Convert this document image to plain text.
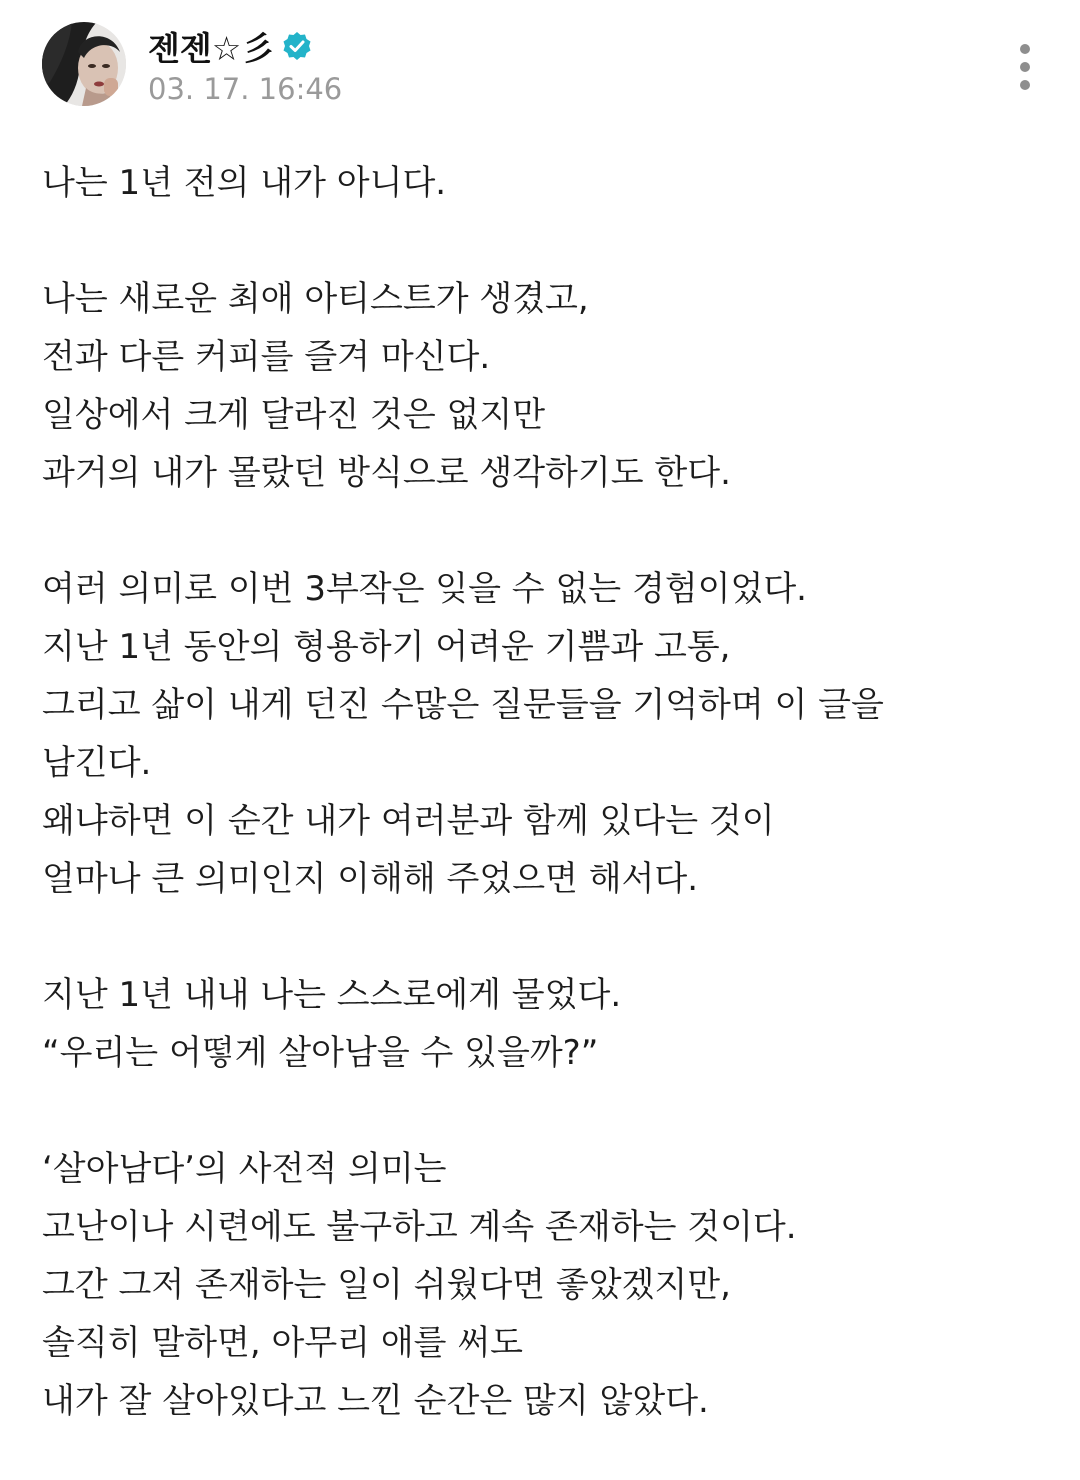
젠젠☆彡
03. 17. 16:46
나는 1년 전의 내가 아니다.
나는 새로운 최애 아티스트가 생겼고,
전과 다른 커피를 즐겨 마신다.
일상에서 크게 달라진 것은 없지만
과거의 내가 몰랐던 방식으로 생각하기도 한다.
여러 의미로 이번 3부작은 잊을 수 없는 경험이었다.
지난 1년 동안의 형용하기 어려운 기쁨과 고통,
그리고 삶이 내게 던진 수많은 질문들을 기억하며 이 글을
남긴다.
왜냐하면 이 순간 내가 여러분과 함께 있다는 것이
얼마나 큰 의미인지 이해해 주었으면 해서다.
지난 1년 내내 나는 스스로에게 물었다.
“우리는 어떻게 살아남을 수 있을까?”
‘살아남다’의 사전적 의미는
고난이나 시련에도 불구하고 계속 존재하는 것이다.
그간 그저 존재하는 일이 쉬웠다면 좋았겠지만,
솔직히 말하면, 아무리 애를 써도
내가 잘 살아있다고 느낀 순간은 많지 않았다.
